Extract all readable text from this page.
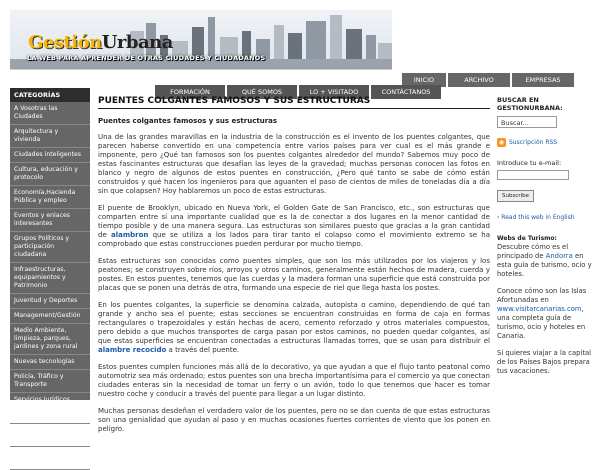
GestiónUrbana
LA WEB PARA APRENDER DE OTRAS CIUDADES Y CIUDADANOS
INICIO	ARCHIVO	EMPRESAS
FORMACIÓN	QUÉ SOMOS	LO + VISITADO	CONTÁCTANOS
CATEGORÍAS
A Vosotras las Ciudades
Arquitectura y vivienda
Ciudades inteligentes
Cultura, educación y protocolo
Economía,Hacienda Pública y empleo
Eventos y enlaces interesantes
Grupos Políticos y participación ciudadana
Infraestructuras, equipamientos y Patrimonio
Juventud y Deportes
Management/Gestión
Medio Ambiente, limpieza, parques, jardines y zona rural
Nuevas tecnologías
Policía, Tráfico y Transporte
Servicios Jurídicos, Contratación y Recursos Humanos
Servicios sociales y consumo
Turismo, Comercio y Festejos
PUENTES COLGANTES FAMOSOS Y SUS ESTRUCTURAS
Puentes colgantes famosos y sus estructuras

Una de las grandes maravillas en la industria de la construcción es el invento de los puentes colgantes, que parecen haberse convertido en una competencia entre varios países para ver cual es el más grande e imponente, pero ¿Qué tan famosos son los puentes colgantes alrededor del mundo? Sabemos muy poco de estas fascinantes estructuras que desafían las leyes de la gravedad; muchas personas conocen las fotos en blanco y negro de algunos de estos puentes en construcción, ¿Pero qué tanto se sabe de cómo están construidos y qué hacen los ingenieros para que aguanten el paso de cientos de miles de toneladas día a día sin que colapsen? Hoy hablaremos un poco de estas estructuras.

El puente de Brooklyn, ubicado en Nueva York, el Golden Gate de San Francisco, etc., son estructuras que comparten entre sí una importante cualidad que es la de conectar a dos lugares en la menor cantidad de tiempo posible y de una manera segura. Las estructuras son similares puesto que gracias a la gran cantidad de alambron que se utiliza a los lados para tirar tanto el colapso como el movimiento extremo se ha comprobado que estas construcciones pueden perdurar por mucho tiempo.

Estas estructuras son conocidas como puentes simples, que son los más utilizados por los viajeros y los peatones; se construyen sobre ríos, arroyos y otros caminos, generalmente están hechos de madera, cuerda y postes. En estos puentes, tenemos que las cuerdas y la madera forman una superficie que está construida por placas que se ponen una detrás de otra, formando una especie de riel que llega hasta los postes.

En los puentes colgantes, la superficie se denomina calzada, autopista o camino, dependiendo de qué tan grande y ancho sea el puente; estas secciones se encuentran construidas en forma de caja en formas rectangulares o trapezoidales y están hechas de acero, cemento reforzado y otros materiales compuestos, pero debido a que muchos transportes de carga pasan por estos caminos, no pueden quedar colgantes, así que estas superficies se encuentran conectadas a estructuras llamadas torres, que se usan para distribuir el alambre recocido a través del puente.

Estos puentes cumplen funciones más allá de lo decorativo, ya que ayudan a que el flujo tanto peatonal como automotriz sea más ordenado; estos puentes son una brecha importantísima para el comercio ya que conectan ciudades enteras sin la necesidad de tomar un ferry o un avión, todo lo que tenemos que hacer es tomar nuestro coche y conducir a través del puente para llegar a un lugar distinto.

Muchas personas desdeñan el verdadero valor de los puentes, pero no se dan cuenta de que estas estructuras son una genialidad que ayudan al paso y en muchas ocasiones fuertes corrientes de viento que los ponen en peligro.

BUSCAR EN GESTIONURBANA:
Buscar...
◉ Suscripción RSS
Introduce tu e-mail:
Subscribe
› Read this web in English
Webs de Turismo:
Descubre cómo es el principado de Andorra en esta guía de turismo, ocio y hoteles.
Conoce cómo son las Islas Afortunadas en www.visitarcanarias.com, una completa guía de turismo, ocio y hoteles en Canaria.
Si quieres viajar a la capital de los Países Bajos prepara tus vacaciones.
